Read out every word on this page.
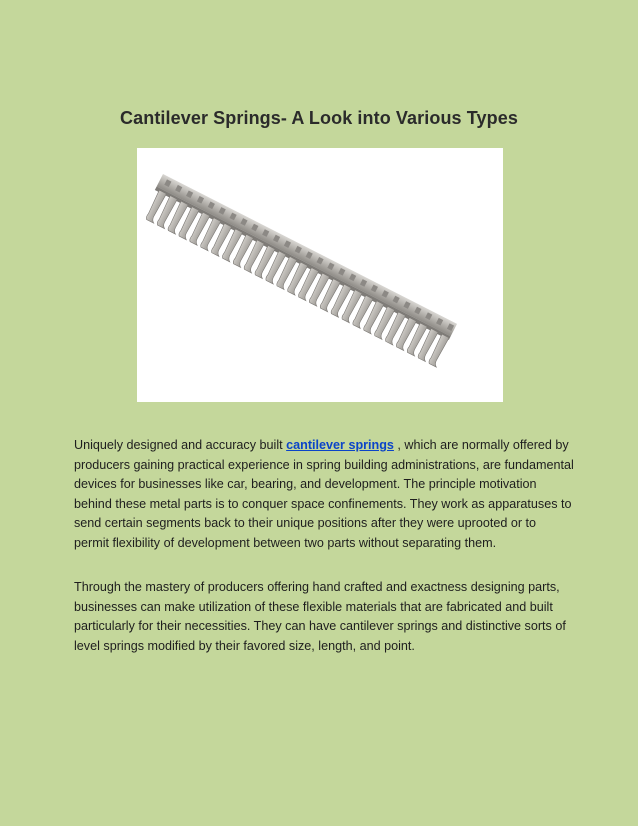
Cantilever Springs- A Look into Various Types

Uniquely designed and accuracy built cantilever springs , which are normally offered by producers gaining practical experience in spring building administrations, are fundamental devices for businesses like car, bearing, and development. The principle motivation behind these metal parts is to conquer space confinements. They work as apparatuses to send certain segments back to their unique positions after they were uprooted or to permit flexibility of development between two parts without separating them.

Through the mastery of producers offering hand crafted and exactness designing parts, businesses can make utilization of these flexible materials that are fabricated and built particularly for their necessities. They can have cantilever springs and distinctive sorts of level springs modified by their favored size, length, and point.
